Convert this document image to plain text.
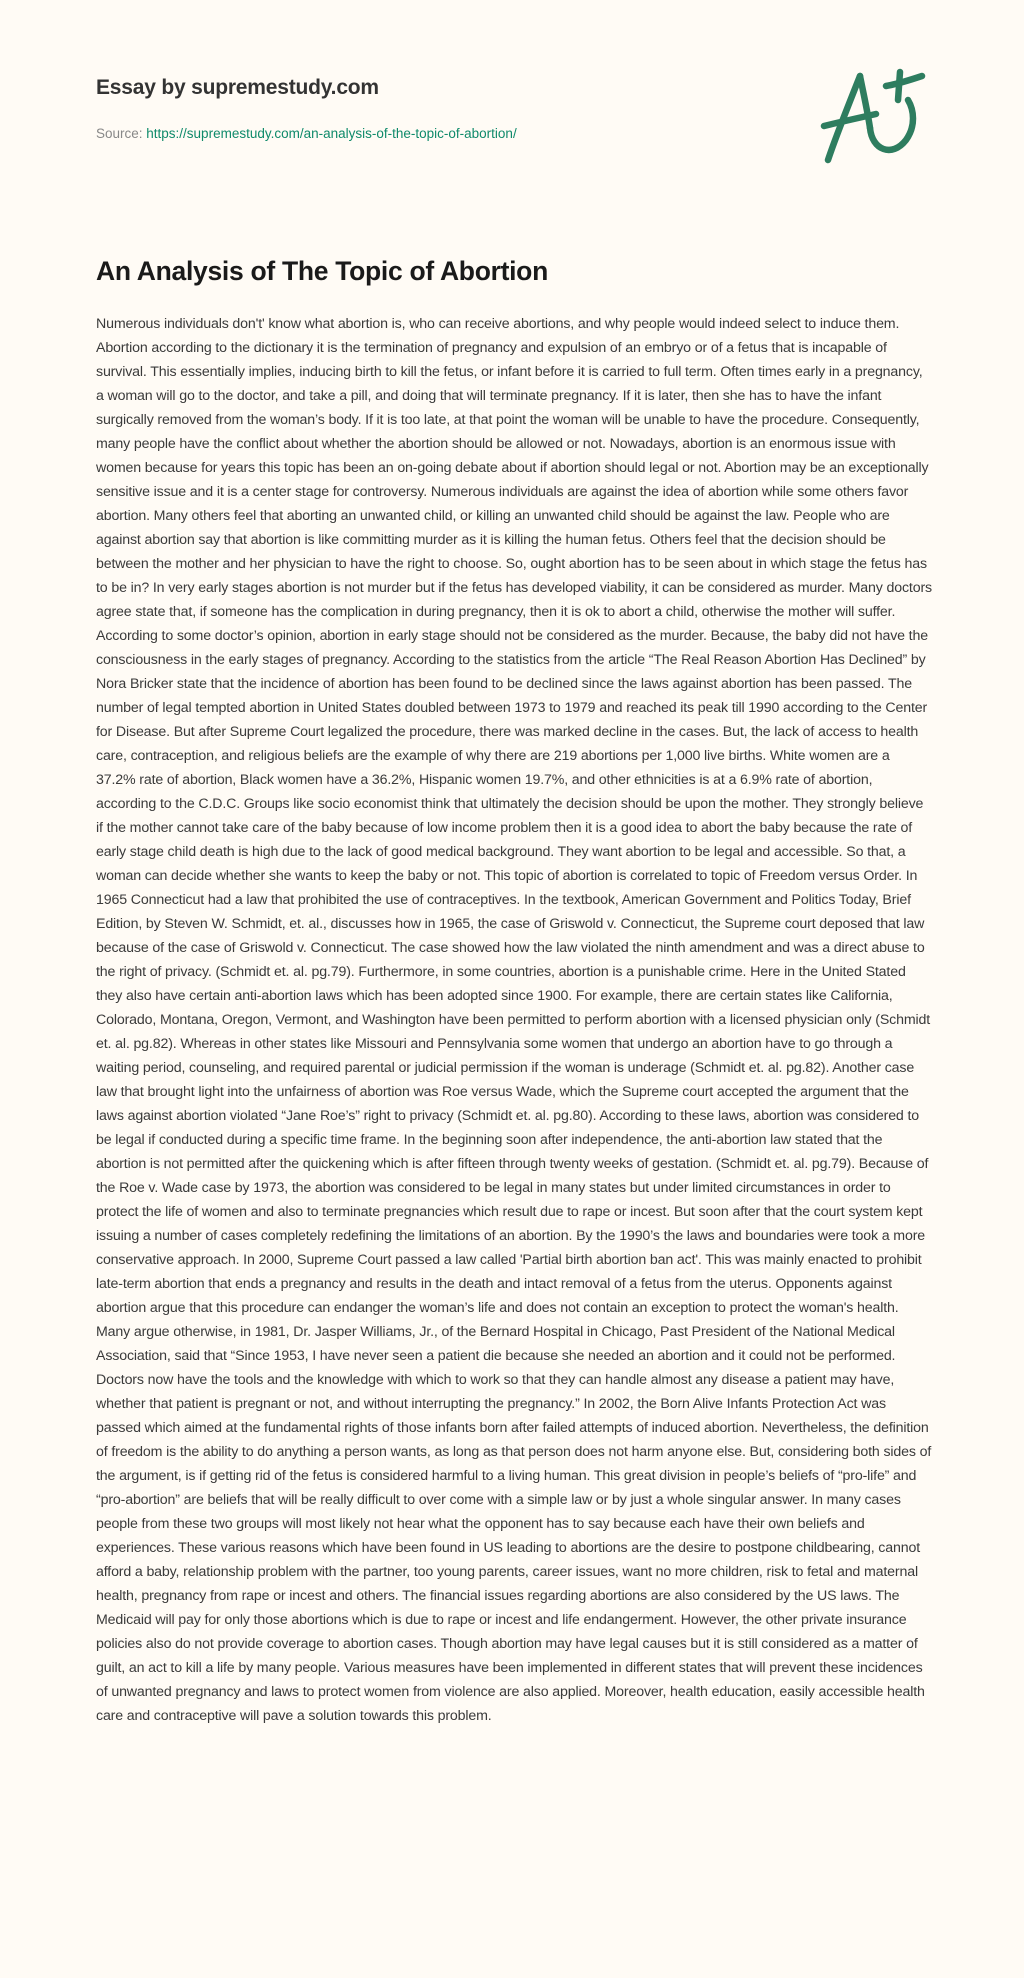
Essay by supremestudy.com
Source: https://supremestudy.com/an-analysis-of-the-topic-of-abortion/
An Analysis of The Topic of Abortion

Numerous individuals don't' know what abortion is, who can receive abortions, and why people would indeed select to induce them. Abortion according to the dictionary it is the termination of pregnancy and expulsion of an embryo or of a fetus that is incapable of survival. This essentially implies, inducing birth to kill the fetus, or infant before it is carried to full term. Often times early in a pregnancy, a woman will go to the doctor, and take a pill, and doing that will terminate pregnancy. If it is later, then she has to have the infant surgically removed from the woman’s body. If it is too late, at that point the woman will be unable to have the procedure. Consequently, many people have the conflict about whether the abortion should be allowed or not. Nowadays, abortion is an enormous issue with women because for years this topic has been an on-going debate about if abortion should legal or not. Abortion may be an exceptionally sensitive issue and it is a center stage for controversy. Numerous individuals are against the idea of abortion while some others favor abortion. Many others feel that aborting an unwanted child, or killing an unwanted child should be against the law. People who are against abortion say that abortion is like committing murder as it is killing the human fetus. Others feel that the decision should be between the mother and her physician to have the right to choose. So, ought abortion has to be seen about in which stage the fetus has to be in? In very early stages abortion is not murder but if the fetus has developed viability, it can be considered as murder. Many doctors agree state that, if someone has the complication in during pregnancy, then it is ok to abort a child, otherwise the mother will suffer. According to some doctor’s opinion, abortion in early stage should not be considered as the murder. Because, the baby did not have the consciousness in the early stages of pregnancy. According to the statistics from the article “The Real Reason Abortion Has Declined” by Nora Bricker state that the incidence of abortion has been found to be declined since the laws against abortion has been passed. The number of legal tempted abortion in United States doubled between 1973 to 1979 and reached its peak till 1990 according to the Center for Disease. But after Supreme Court legalized the procedure, there was marked decline in the cases. But, the lack of access to health care, contraception, and religious beliefs are the example of why there are 219 abortions per 1,000 live births. White women are a 37.2% rate of abortion, Black women have a 36.2%, Hispanic women 19.7%, and other ethnicities is at a 6.9% rate of abortion, according to the C.D.C. Groups like socio economist think that ultimately the decision should be upon the mother. They strongly believe if the mother cannot take care of the baby because of low income problem then it is a good idea to abort the baby because the rate of early stage child death is high due to the lack of good medical background. They want abortion to be legal and accessible. So that, a woman can decide whether she wants to keep the baby or not. This topic of abortion is correlated to topic of Freedom versus Order. In 1965 Connecticut had a law that prohibited the use of contraceptives. In the textbook, American Government and Politics Today, Brief Edition, by Steven W. Schmidt, et. al., discusses how in 1965, the case of Griswold v. Connecticut, the Supreme court deposed that law because of the case of Griswold v. Connecticut. The case showed how the law violated the ninth amendment and was a direct abuse to the right of privacy. (Schmidt et. al. pg.79). Furthermore, in some countries, abortion is a punishable crime. Here in the United Stated they also have certain anti-abortion laws which has been adopted since 1900. For example, there are certain states like California, Colorado, Montana, Oregon, Vermont, and Washington have been permitted to perform abortion with a licensed physician only (Schmidt et. al. pg.82). Whereas in other states like Missouri and Pennsylvania some women that undergo an abortion have to go through a waiting period, counseling, and required parental or judicial permission if the woman is underage (Schmidt et. al. pg.82). Another case law that brought light into the unfairness of abortion was Roe versus Wade, which the Supreme court accepted the argument that the laws against abortion violated “Jane Roe’s” right to privacy (Schmidt et. al. pg.80). According to these laws, abortion was considered to be legal if conducted during a specific time frame. In the beginning soon after independence, the anti-abortion law stated that the abortion is not permitted after the quickening which is after fifteen through twenty weeks of gestation. (Schmidt et. al. pg.79). Because of the Roe v. Wade case by 1973, the abortion was considered to be legal in many states but under limited circumstances in order to protect the life of women and also to terminate pregnancies which result due to rape or incest. But soon after that the court system kept issuing a number of cases completely redefining the limitations of an abortion. By the 1990’s the laws and boundaries were took a more conservative approach. In 2000, Supreme Court passed a law called 'Partial birth abortion ban act'. This was mainly enacted to prohibit late-term abortion that ends a pregnancy and results in the death and intact removal of a fetus from the uterus. Opponents against abortion argue that this procedure can endanger the woman’s life and does not contain an exception to protect the woman's health. Many argue otherwise, in 1981, Dr. Jasper Williams, Jr., of the Bernard Hospital in Chicago, Past President of the National Medical Association, said that “Since 1953, I have never seen a patient die because she needed an abortion and it could not be performed. Doctors now have the tools and the knowledge with which to work so that they can handle almost any disease a patient may have, whether that patient is pregnant or not, and without interrupting the pregnancy.” In 2002, the Born Alive Infants Protection Act was passed which aimed at the fundamental rights of those infants born after failed attempts of induced abortion. Nevertheless, the definition of freedom is the ability to do anything a person wants, as long as that person does not harm anyone else. But, considering both sides of the argument, is if getting rid of the fetus is considered harmful to a living human. This great division in people’s beliefs of “pro-life” and “pro-abortion” are beliefs that will be really difficult to over come with a simple law or by just a whole singular answer. In many cases people from these two groups will most likely not hear what the opponent has to say because each have their own beliefs and experiences. These various reasons which have been found in US leading to abortions are the desire to postpone childbearing, cannot afford a baby, relationship problem with the partner, too young parents, career issues, want no more children, risk to fetal and maternal health, pregnancy from rape or incest and others. The financial issues regarding abortions are also considered by the US laws. The Medicaid will pay for only those abortions which is due to rape or incest and life endangerment. However, the other private insurance policies also do not provide coverage to abortion cases. Though abortion may have legal causes but it is still considered as a matter of guilt, an act to kill a life by many people. Various measures have been implemented in different states that will prevent these incidences of unwanted pregnancy and laws to protect women from violence are also applied. Moreover, health education, easily accessible health care and contraceptive will pave a solution towards this problem.
